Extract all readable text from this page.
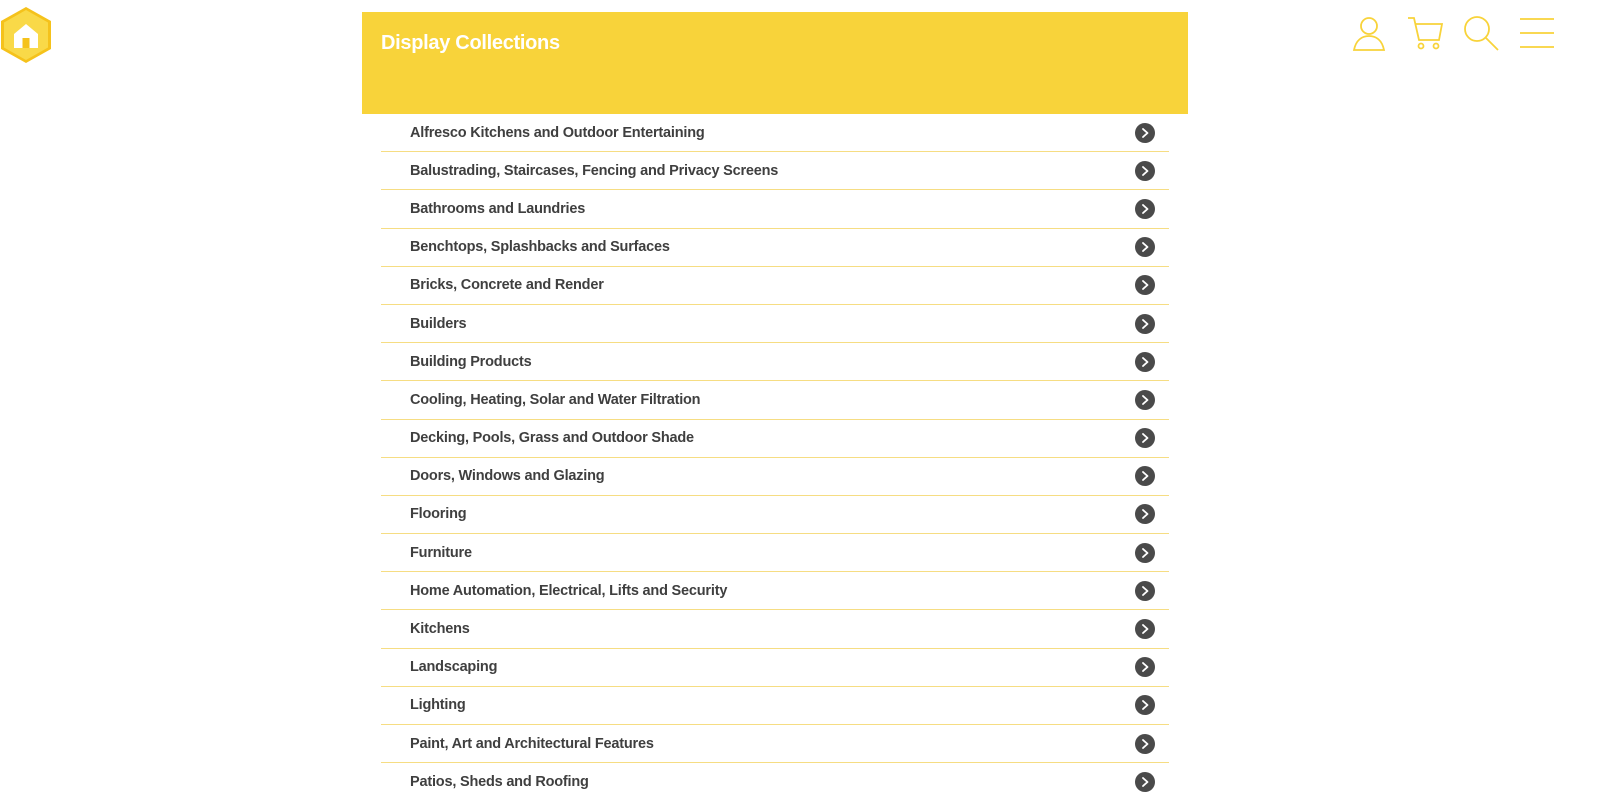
Display Collections
Alfresco Kitchens and Outdoor Entertaining
Balustrading, Staircases, Fencing and Privacy Screens
Bathrooms and Laundries
Benchtops, Splashbacks and Surfaces
Bricks, Concrete and Render
Builders
Building Products
Cooling, Heating, Solar and Water Filtration
Decking, Pools, Grass and Outdoor Shade
Doors, Windows and Glazing
Flooring
Furniture
Home Automation, Electrical, Lifts and Security
Kitchens
Landscaping
Lighting
Paint, Art and Architectural Features
Patios, Sheds and Roofing
